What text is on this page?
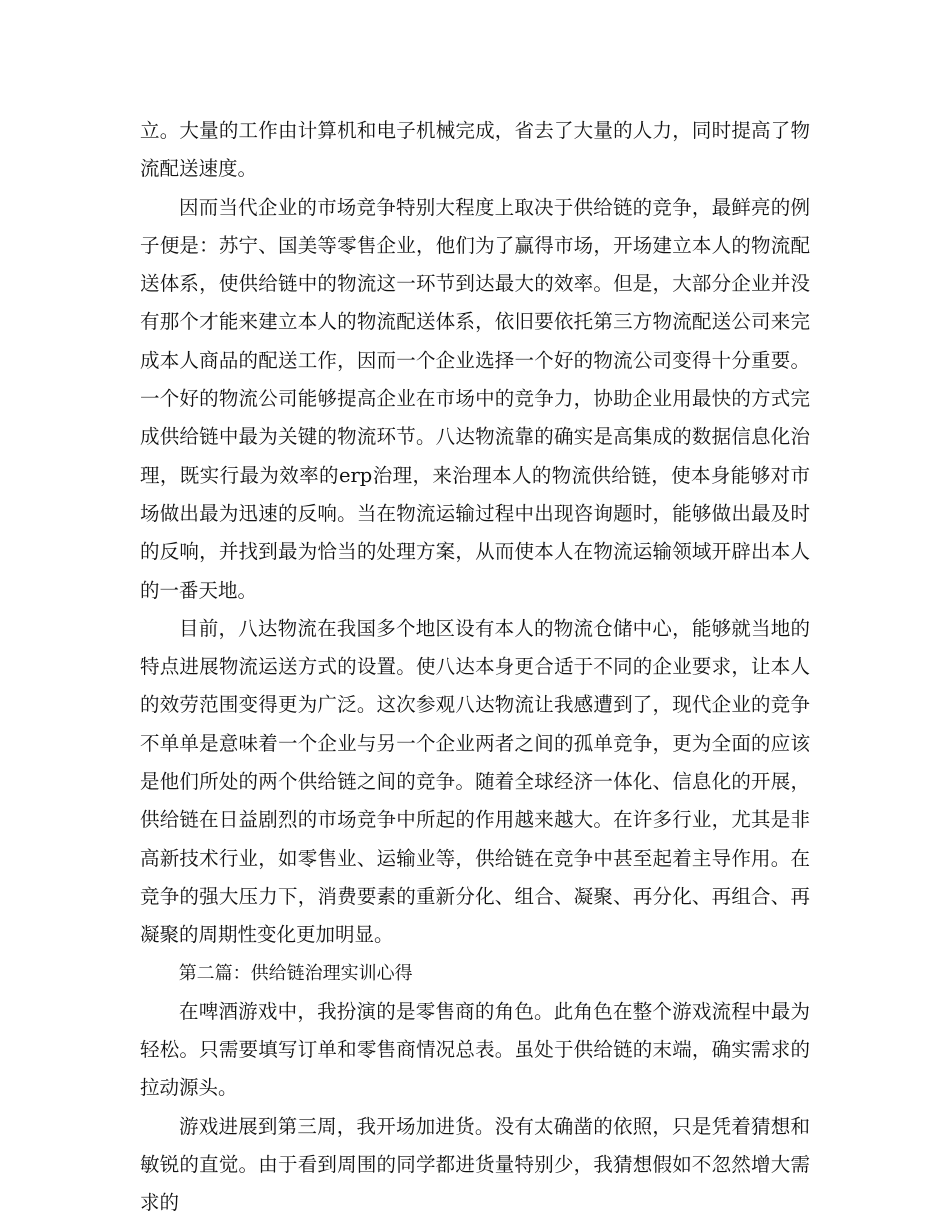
立。大量的工作由计算机和电子机械完成，省去了大量的人力，同时提高了物流配送速度。

因而当代企业的市场竞争特别大程度上取决于供给链的竞争，最鲜亮的例子便是：苏宁、国美等零售企业，他们为了赢得市场，开场建立本人的物流配送体系，使供给链中的物流这一环节到达最大的效率。但是，大部分企业并没有那个才能来建立本人的物流配送体系，依旧要依托第三方物流配送公司来完成本人商品的配送工作，因而一个企业选择一个好的物流公司变得十分重要。一个好的物流公司能够提高企业在市场中的竞争力，协助企业用最快的方式完成供给链中最为关键的物流环节。八达物流靠的确实是高集成的数据信息化治理，既实行最为效率的erp治理，来治理本人的物流供给链，使本身能够对市场做出最为迅速的反响。当在物流运输过程中出现咨询题时，能够做出最及时的反响，并找到最为恰当的处理方案，从而使本人在物流运输领域开辟出本人的一番天地。

目前，八达物流在我国多个地区设有本人的物流仓储中心，能够就当地的特点进展物流运送方式的设置。使八达本身更合适于不同的企业要求，让本人的效劳范围变得更为广泛。这次参观八达物流让我感遭到了，现代企业的竞争不单单是意味着一个企业与另一个企业两者之间的孤单竞争，更为全面的应该是他们所处的两个供给链之间的竞争。随着全球经济一体化、信息化的开展，供给链在日益剧烈的市场竞争中所起的作用越来越大。在许多行业，尤其是非高新技术行业，如零售业、运输业等，供给链在竞争中甚至起着主导作用。在竞争的强大压力下，消费要素的重新分化、组合、凝聚、再分化、再组合、再凝聚的周期性变化更加明显。

第二篇：供给链治理实训心得

在啤酒游戏中，我扮演的是零售商的角色。此角色在整个游戏流程中最为轻松。只需要填写订单和零售商情况总表。虽处于供给链的末端，确实需求的拉动源头。

游戏进展到第三周，我开场加进货。没有太确凿的依照，只是凭着猜想和敏锐的直觉。由于看到周围的同学都进货量特别少，我猜想假如不忽然增大需求的
